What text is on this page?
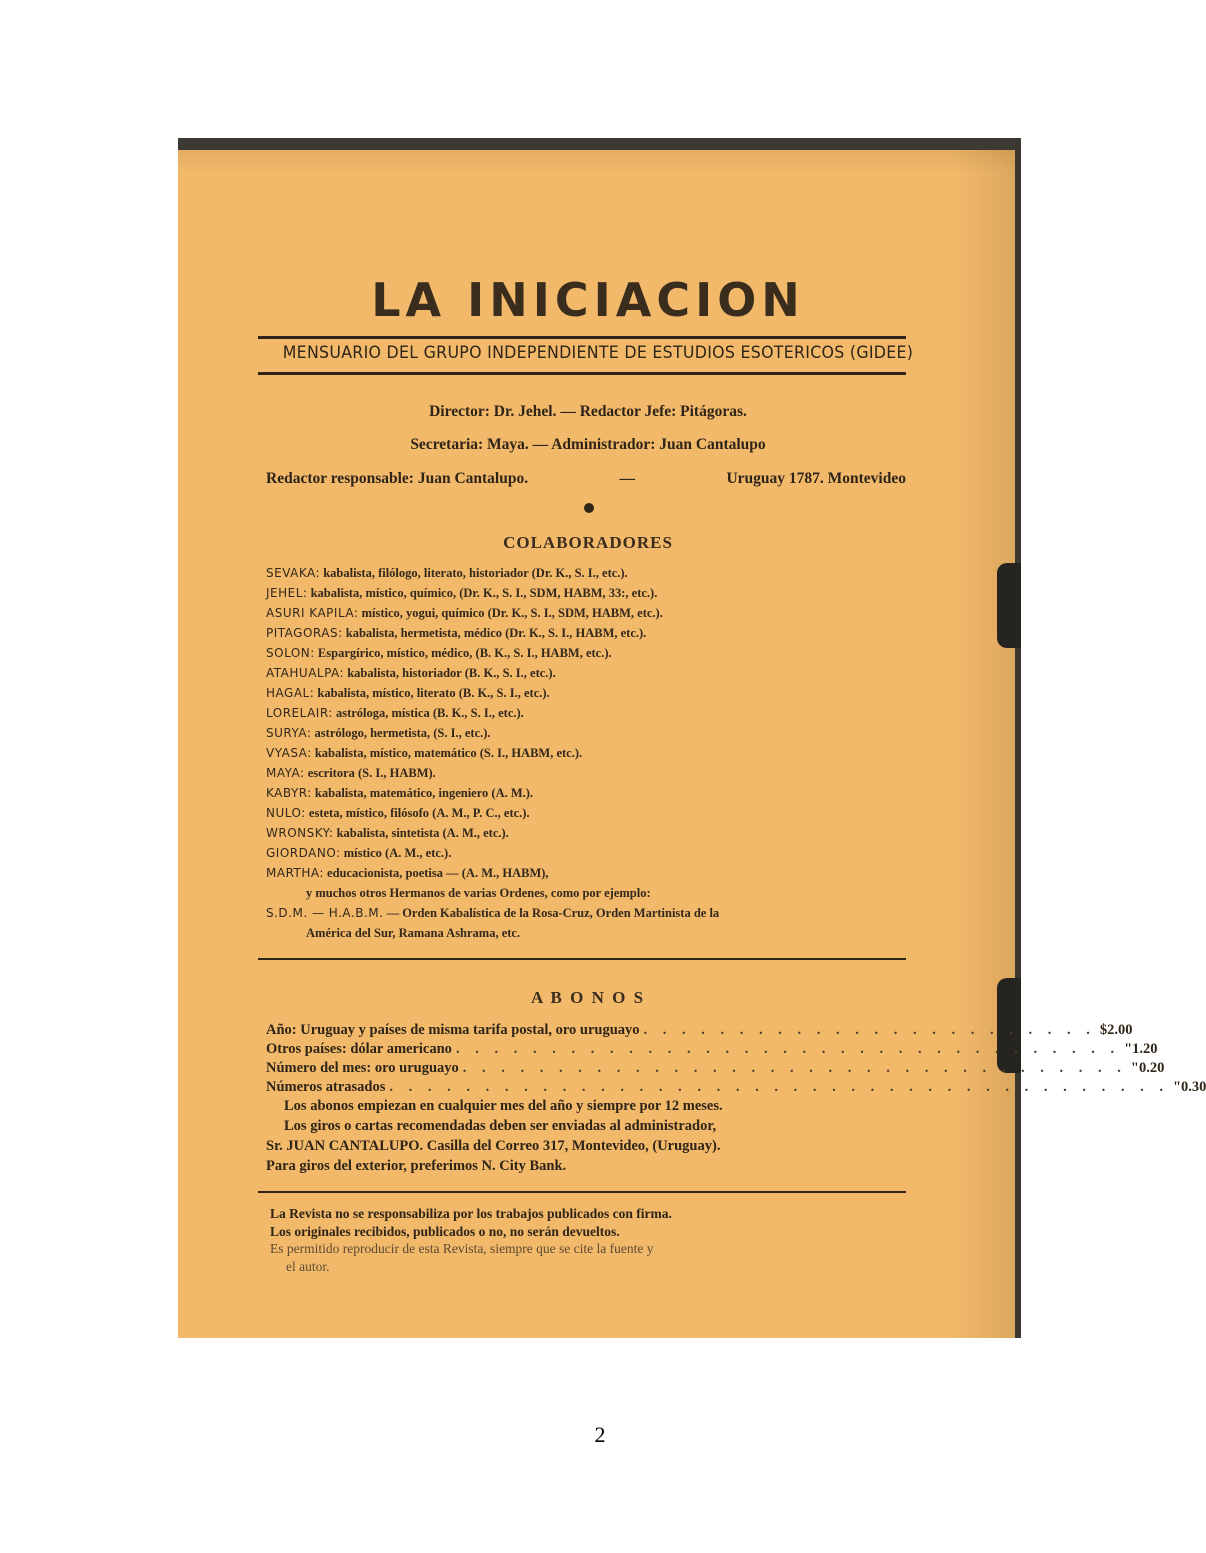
LA INICIACION
MENSUARIO DEL GRUPO INDEPENDIENTE DE ESTUDIOS ESOTERICOS (GIDEE)
Director: Dr. Jehel. — Redactor Jefe: Pitágoras.
Secretaria: Maya. — Administrador: Juan Cantalupo
Redactor responsable: Juan Cantalupo.	—	Uruguay 1787. Montevideo
COLABORADORES
SEVAKA: kabalista, filólogo, literato, historiador (Dr. K., S. I., etc.).
JEHEL: kabalista, místico, químico, (Dr. K., S. I., SDM, HABM, 33:, etc.).
ASURI KAPILA: místico, yogui, químico (Dr. K., S. I., SDM, HABM, etc.).
PITAGORAS: kabalista, hermetista, médico (Dr. K., S. I., HABM, etc.).
SOLON: Espargírico, místico, médico, (B. K., S. I., HABM, etc.).
ATAHUALPA: kabalista, historiador (B. K., S. I., etc.).
HAGAL: kabalista, místico, literato (B. K., S. I., etc.).
LORELAIR: astróloga, mística (B. K., S. I., etc.).
SURYA: astrólogo, hermetista, (S. I., etc.).
VYASA: kabalista, místico, matemático (S. I., HABM, etc.).
MAYA: escritora (S. I., HABM).
KABYR: kabalista, matemático, ingeniero (A. M.).
NULO: esteta, místico, filósofo (A. M., P. C., etc.).
WRONSKY: kabalista, sintetista (A. M., etc.).
GIORDANO: místico (A. M., etc.).
MARTHA: educacionista, poetisa — (A. M., HABM),
y muchos otros Hermanos de varias Ordenes, como por ejemplo:
S.D.M. — H.A.B.M. — Orden Kabalística de la Rosa-Cruz, Orden Martinista de la
América del Sur, Ramana Ashrama, etc.
A B O N O S
Año: Uruguay y países de misma tarifa postal, oro uruguayo . . . . . . . . . . . . . . . . . . . . . . . . $ 2.00
Otros países: dólar americano . . . . . . . . . . . . . . . . . . . . . . . . . . . . . . . . . . . " 1.20
Número del mes: oro uruguayo . . . . . . . . . . . . . . . . . . . . . . . . . . . . . . . . . . . " 0.20
Números atrasados . . . . . . . . . . . . . . . . . . . . . . . . . . . . . . . . . . . . . . . . . " 0.30
Los abonos empiezan en cualquier mes del año y siempre por 12 meses.
Los giros o cartas recomendadas deben ser enviadas al administrador,
Sr. JUAN CANTALUPO. Casilla del Correo 317, Montevideo, (Uruguay).
Para giros del exterior, preferimos N. City Bank.
La Revista no se responsabiliza por los trabajos publicados con firma.
Los originales recibidos, publicados o no, no serán devueltos.
Es permitido reproducir de esta Revista, siempre que se cite la fuente y
el autor.
2
